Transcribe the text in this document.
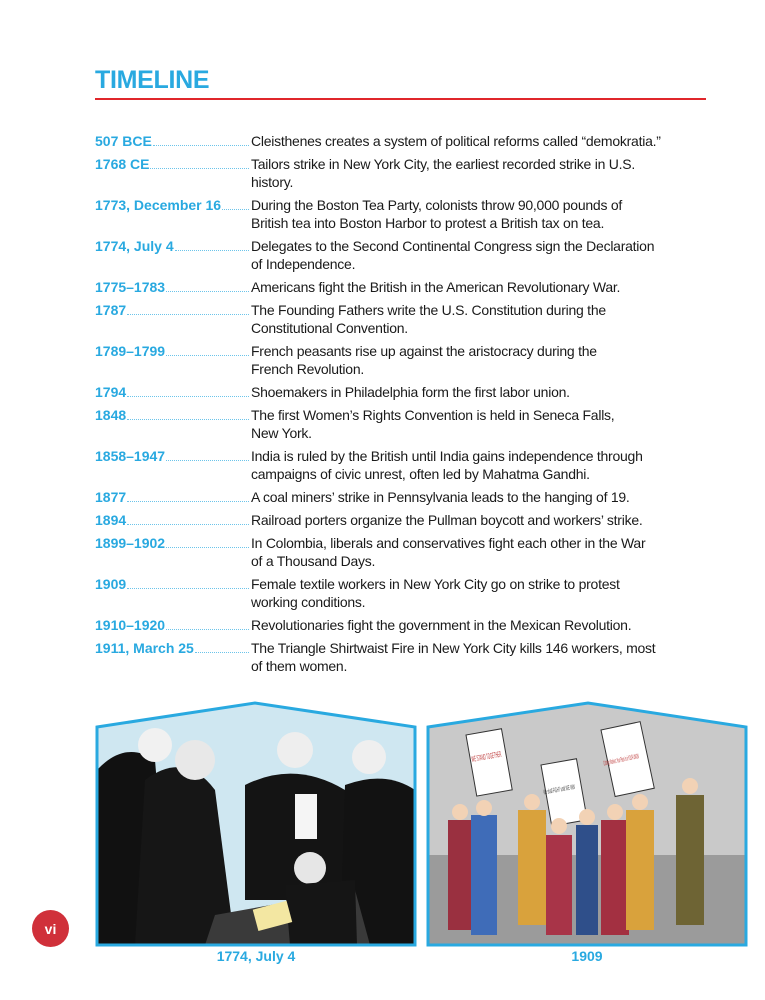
TIMELINE
507 BCE	Cleisthenes creates a system of political reforms called “demokratia.”
1768 CE	Tailors strike in New York City, the earliest recorded strike in U.S.
history.
1773, December 16 During the Boston Tea Party, colonists throw 90,000 pounds of
British tea into Boston Harbor to protest a British tax on tea.
1774, July 4	Delegates to the Second Continental Congress sign the Declaration
of Independence.
1775–1783	Americans fight the British in the American Revolutionary War.
1787	The Founding Fathers write the U.S. Constitution during the
Constitutional Convention.
1789–1799	French peasants rise up against the aristocracy during the
French Revolution.
1794	Shoemakers in Philadelphia form the first labor union.
1848	The first Women’s Rights Convention is held in Seneca Falls,
New York.
1858–1947	India is ruled by the British until India gains independence through
campaigns of civic unrest, often led by Mahatma Gandhi.
1877	A coal miners’ strike in Pennsylvania leads to the hanging of 19.
1894	Railroad porters organize the Pullman boycott and workers’ strike.
1899–1902	In Colombia, liberals and conservatives fight each other in the War
of a Thousand Days.
1909	Female textile workers in New York City go on strike to protest
working conditions.
1910–1920	Revolutionaries fight the government in the Mexican Revolution.
1911, March 25	The Triangle Shirtwaist Fire in New York City kills 146 workers, most
of them women.
1774, July 4	1909
vi
